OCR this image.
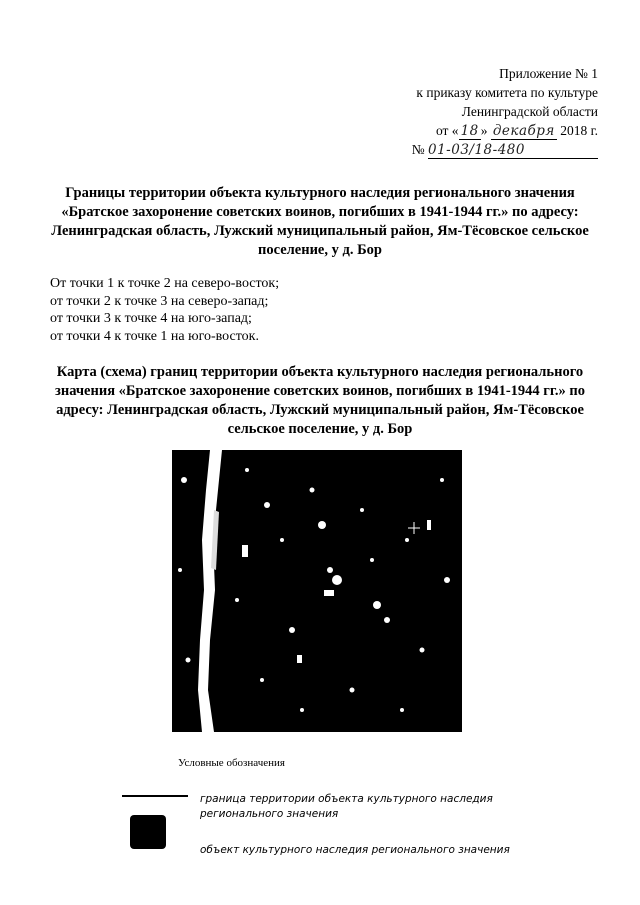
Приложение № 1
к приказу комитета по культуре
Ленинградской области
от « 18 » декабря 2018 г.
№ 01-03/18-480
Границы территории объекта культурного наследия регионального значения «Братское захоронение советских воинов, погибших в 1941-1944 гг.» по адресу: Ленинградская область, Лужский муниципальный район, Ям-Тёсовское сельское поселение, у д. Бор
От точки 1 к точке 2 на северо-восток;
от точки 2 к точке 3 на северо-запад;
от точки 3 к точке 4 на юго-запад;
от точки 4 к точке 1 на юго-восток.
Карта (схема) границ территории объекта культурного наследия регионального значения «Братское захоронение советских воинов, погибших в 1941-1944 гг.» по адресу: Ленинградская область, Лужский муниципальный район, Ям-Тёсовское сельское поселение, у д. Бор
Условные обозначения
граница территории объекта культурного наследия регионального значения
объект культурного наследия регионального значения
